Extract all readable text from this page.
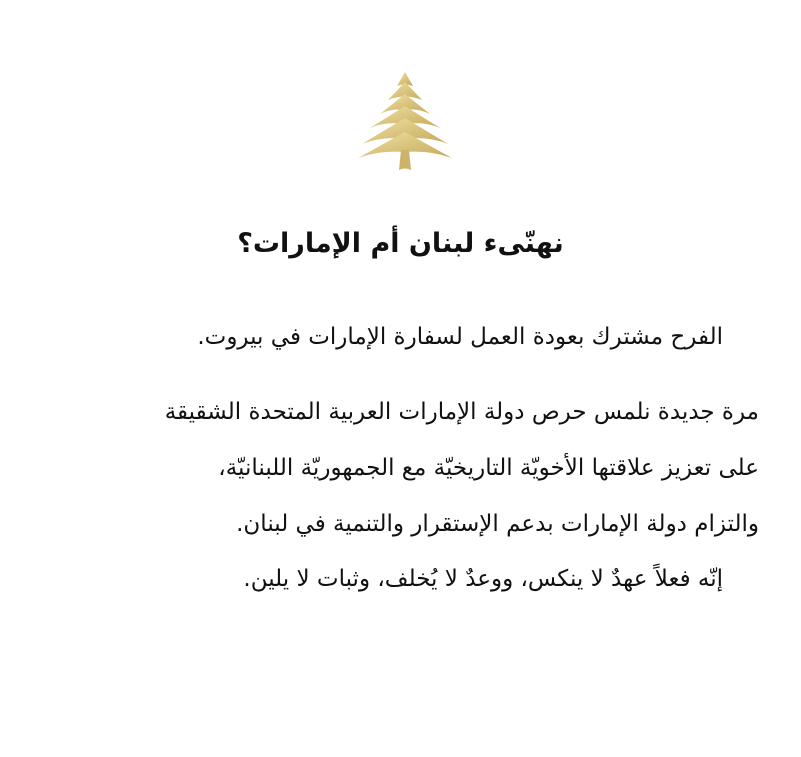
نهنّىء لبنان أم الإمارات؟

الفرح مشترك بعودة العمل لسفارة الإمارات في بيروت.

مرة جديدة نلمس حرص دولة الإمارات العربية المتحدة الشقيقة
على تعزيز علاقتها الأخويّة التاريخيّة مع الجمهوريّة اللبنانيّة،
والتزام دولة الإمارات بدعم الإستقرار والتنمية في لبنان.

إنّه فعلاً عهدٌ لا ينكس، ووعدٌ لا يُخلف، وثبات لا يلين.
